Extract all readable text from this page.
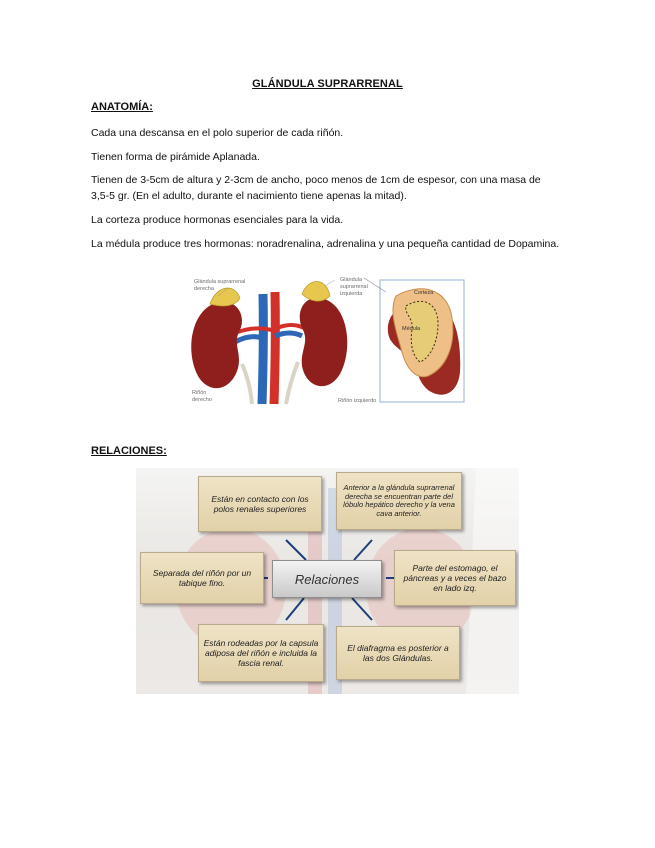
GLÁNDULA SUPRARRENAL
ANATOMÍA:
Cada una descansa en el polo superior de cada riñón.
Tienen forma de pirámide Aplanada.
Tienen de 3-5cm de altura y 2-3cm de ancho, poco menos de 1cm de espesor, con una masa de 3,5-5 gr. (En el adulto, durante el nacimiento tiene apenas la mitad).
La corteza produce hormonas esenciales para la vida.
La médula produce tres hormonas: noradrenalina, adrenalina y una pequeña cantidad de Dopamina.
Glándula suprarrenal
derecha
Glándula
suprarrenal
izquierda
Riñón
derecho	Riñón izquierdo
Corteza
Médula
RELACIONES:
Están en contacto con los polos renales superiores
Anterior a la glándula suprarrenal derecha se encuentran parte del lóbulo hepático derecho y la vena cava anterior.
Separada del riñón por un tabique fino.
Parte del estomago, el páncreas y a veces el bazo en lado izq.
Están rodeadas por la capsula adiposa del riñón e incluida la fascia renal.
El diafragma es posterior a las dos Glándulas.
Relaciones
